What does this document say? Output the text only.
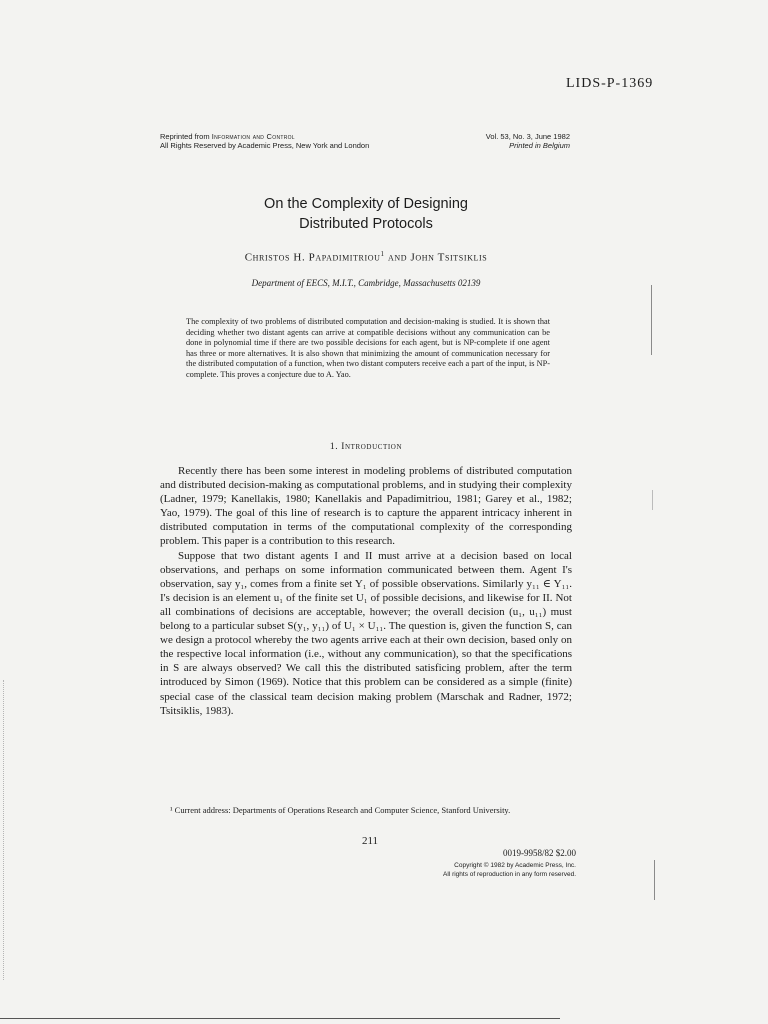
LIDS-P-1369
Reprinted from Information and Control
All Rights Reserved by Academic Press, New York and London
Vol. 53, No. 3, June 1982
Printed in Belgium
On the Complexity of Designing
Distributed Protocols
Christos H. Papadimitriou$^1$ and John Tsitsiklis
Department of EECS, M.I.T., Cambridge, Massachusetts 02139
The complexity of two problems of distributed computation and decision-making is studied. It is shown that deciding whether two distant agents can arrive at compatible decisions without any communication can be done in polynomial time if there are two possible decisions for each agent, but is NP-complete if one agent has three or more alternatives. It is also shown that minimizing the amount of communication necessary for the distributed computation of a function, when two distant computers receive each a part of the input, is NP-complete. This proves a conjecture due to A. Yao.
1. Introduction

Recently there has been some interest in modeling problems of distributed computation and distributed decision-making as computational problems, and in studying their complexity (Ladner, 1979; Kanellakis, 1980; Kanellakis and Papadimitriou, 1981; Garey et al., 1982; Yao, 1979). The goal of this line of research is to capture the apparent intricacy inherent in distributed computation in terms of the computational complexity of the corresponding problem. This paper is a contribution to this research.

Suppose that two distant agents I and II must arrive at a decision based on local observations, and perhaps on some information communicated between them. Agent I's observation, say y₁, comes from a finite set Y₁ of possible observations. Similarly y₁₁ ∈ Y₁₁. I's decision is an element u₁ of the finite set U₁ of possible decisions, and likewise for II. Not all combinations of decisions are acceptable, however; the overall decision (u₁, u₁₁) must belong to a particular subset S(y₁, y₁₁) of U₁ × U₁₁. The question is, given the function S, can we design a protocol whereby the two agents arrive each at their own decision, based only on the respective local information (i.e., without any communication), so that the specifications in S are always observed? We call this the distributed satisficing problem, after the term introduced by Simon (1969). Notice that this problem can be considered as a simple (finite) special case of the classical team decision making problem (Marschak and Radner, 1972; Tsitsiklis, 1983).

¹ Current address: Departments of Operations Research and Computer Science, Stanford University.

211
0019-9958/82 $2.00
Copyright © 1982 by Academic Press, Inc.
All rights of reproduction in any form reserved.
